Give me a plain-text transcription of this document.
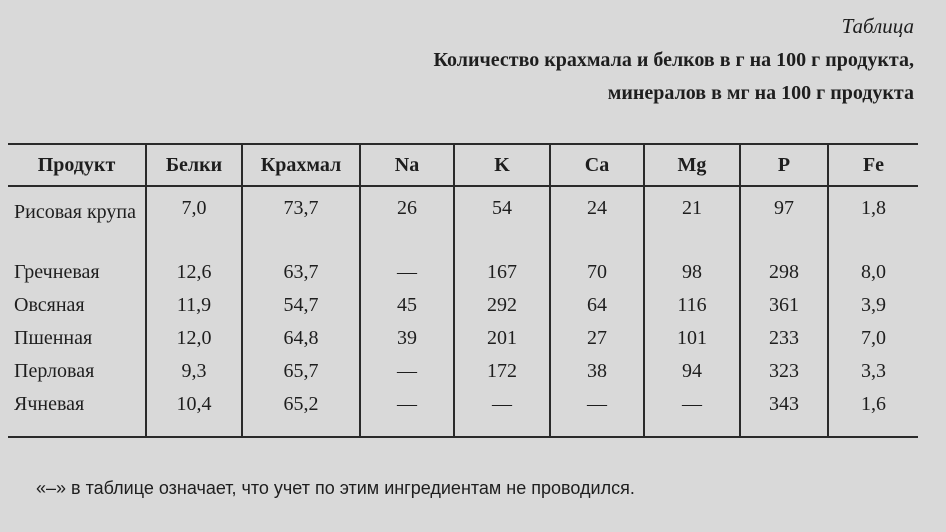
Таблица
Количество крахмала и белков в г на 100 г продукта,
минералов в мг на 100 г продукта
Продукт	Белки	Крахмал	Na	K	Ca	Mg	P	Fe
Рисовая крупа	7,0	73,7	26	54	24	21	97	1,8
Гречневая	12,6	63,7	—	167	70	98	298	8,0
Овсяная	11,9	54,7	45	292	64	116	361	3,9
Пшенная	12,0	64,8	39	201	27	101	233	7,0
Перловая	9,3	65,7	—	172	38	94	323	3,3
Ячневая	10,4	65,2	—	—	—	—	343	1,6
«–» в таблице означает, что учет по этим ингредиентам не проводился.
